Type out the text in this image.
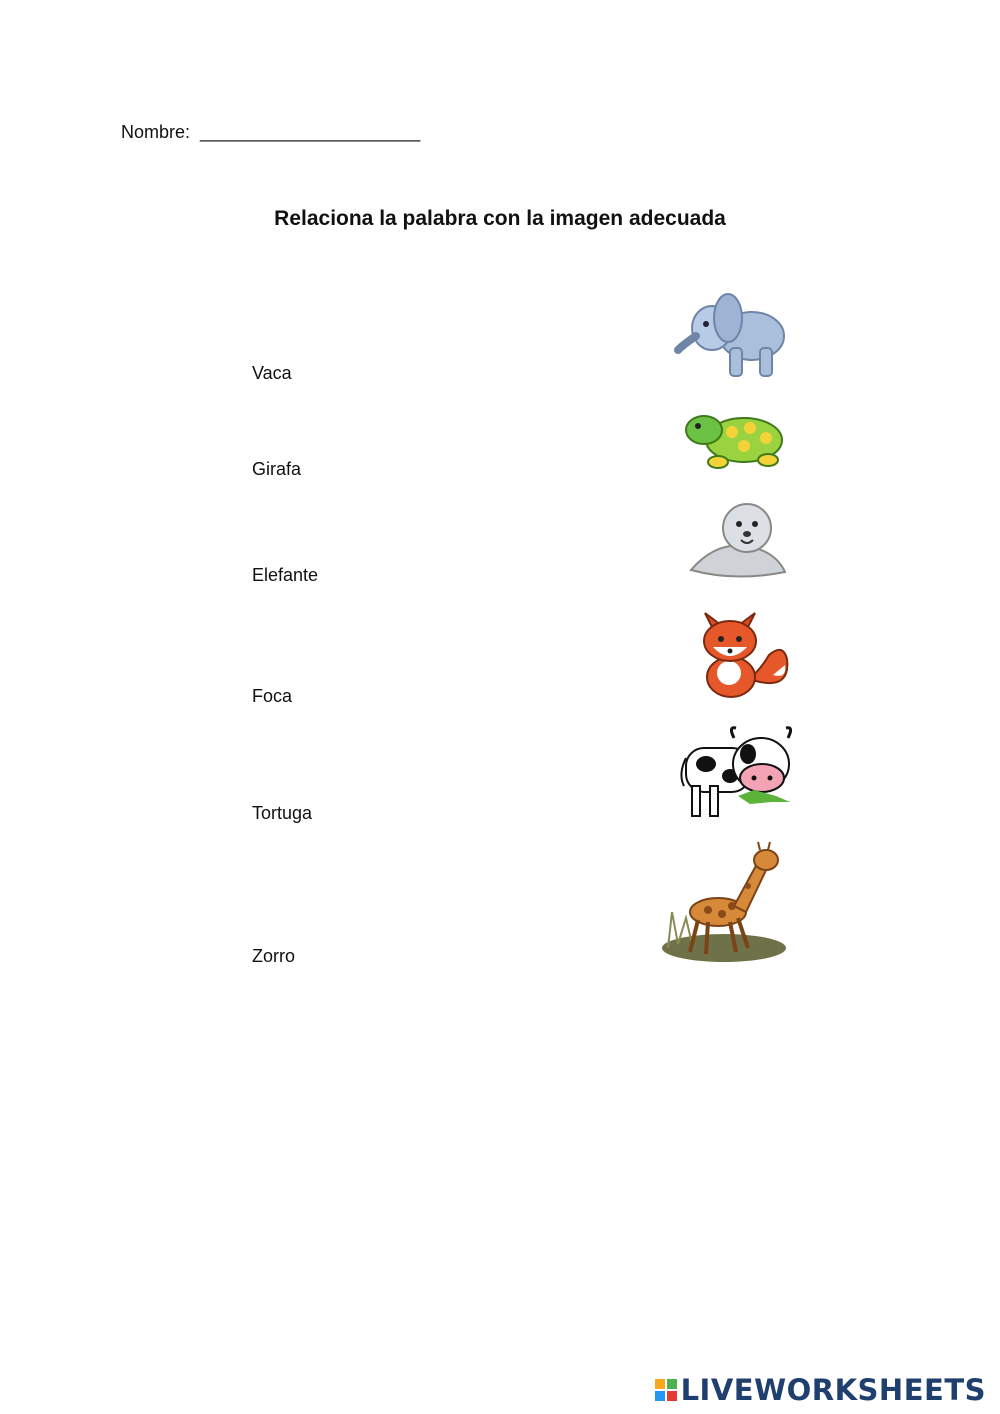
Nombre: ______________________
Relaciona la palabra con la imagen adecuada
Vaca
Girafa
Elefante
Foca
Tortuga
Zorro
LIVEWORKSHEETS
